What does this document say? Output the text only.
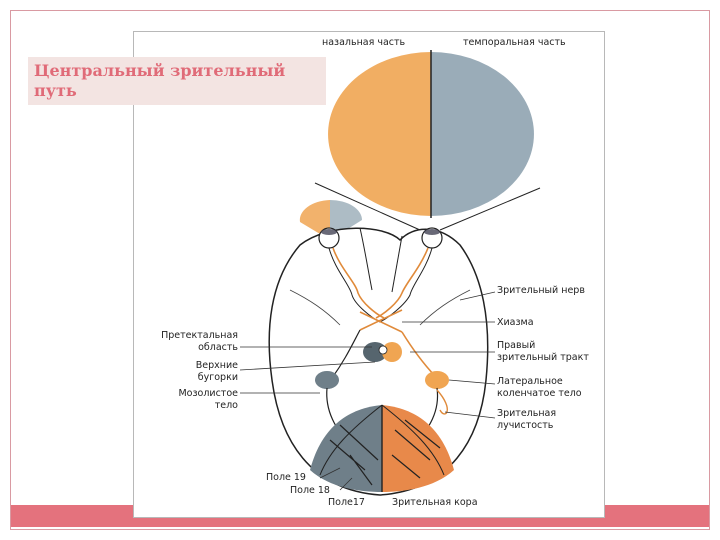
Центральный зрительный
путь
назальная часть	темпоральная часть
Зрительный нерв
Хиазма
Правый
зрительный тракт
Латеральное
коленчатое тело
Зрительная
лучистость
Претектальная
область
Верхние
бугорки
Мозолистое
тело
Поле 19
Поле 18
Поле17	Зрительная кора
